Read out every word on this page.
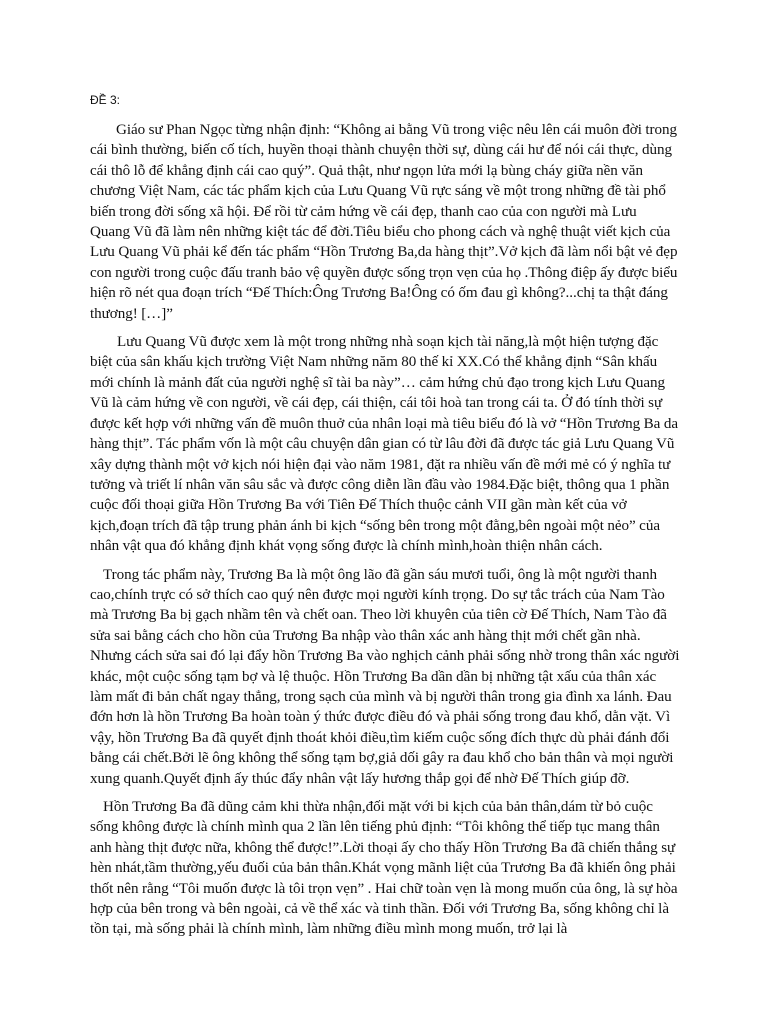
ĐỀ 3:

Giáo sư Phan Ngọc từng nhận định: “Không ai bằng Vũ trong việc nêu lên cái muôn đời trong cái bình thường, biến cố tích, huyền thoại thành chuyện thời sự, dùng cái hư để nói cái thực, dùng cái thô lỗ để khẳng định cái cao quý”. Quả thật, như ngọn lửa mới lạ bùng cháy giữa nền văn chương Việt Nam, các tác phẩm kịch của Lưu Quang Vũ rực sáng về một trong những đề tài phổ biến trong đời sống xã hội. Để rồi từ cảm hứng về cái đẹp, thanh cao của con người mà Lưu Quang Vũ đã làm nên những kiệt tác để đời.Tiêu biểu cho phong cách và nghệ thuật viết kịch của Lưu Quang Vũ phải kể đến tác phẩm “Hồn Trương Ba,da hàng thịt”.Vở kịch đã làm nổi bật vẻ đẹp con người trong cuộc đấu tranh bảo vệ quyền được sống trọn vẹn của họ .Thông điệp ấy được biểu hiện rõ nét qua đoạn trích “Đế Thích:Ông Trương Ba!Ông có ốm đau gì không?...chị ta thật đáng thương! […]”

Lưu Quang Vũ được xem là một trong những nhà soạn kịch tài năng,là một hiện tượng đặc biệt của sân khấu kịch trường Việt Nam những năm 80 thế kỉ XX.Có thể khẳng định “Sân khấu mới chính là mảnh đất của người nghệ sĩ tài ba này”… cảm hứng chủ đạo trong kịch Lưu Quang Vũ là cảm hứng về con người, về cái đẹp, cái thiện, cái tôi hoà tan trong cái ta. Ở đó tính thời sự được kết hợp với những vấn đề muôn thuở của nhân loại mà tiêu biểu đó là vở “Hồn Trương Ba da hàng thịt”. Tác phẩm vốn là một câu chuyện dân gian có từ lâu đời đã được tác giả Lưu Quang Vũ xây dựng thành một vở kịch nói hiện đại vào năm 1981, đặt ra nhiều vấn đề mới mẻ có ý nghĩa tư tưởng và triết lí nhân văn sâu sắc và được công diễn lần đầu vào 1984.Đặc biệt, thông qua 1 phần cuộc đối thoại giữa Hồn Trương Ba với Tiên Đế Thích thuộc cảnh VII gần màn kết của vở kịch,đoạn trích đã tập trung phản ánh bi kịch “sống bên trong một đằng,bên ngoài một nẻo” của nhân vật qua đó khẳng định khát vọng sống được là chính mình,hoàn thiện nhân cách.

Trong tác phẩm này, Trương Ba là một ông lão đã gần sáu mươi tuổi, ông là một người thanh cao,chính trực có sở thích cao quý nên được mọi người kính trọng. Do sự tắc trách của Nam Tào mà Trương Ba bị gạch nhầm tên và chết oan. Theo lời khuyên của tiên cờ Đế Thích, Nam Tào đã sửa sai bằng cách cho hồn của Trương Ba nhập vào thân xác anh hàng thịt mới chết gần nhà. Nhưng cách sửa sai đó lại đẩy hồn Trương Ba vào nghịch cảnh phải sống nhờ trong thân xác người khác, một cuộc sống tạm bợ và lệ thuộc. Hồn Trương Ba dần dần bị những tật xấu của thân xác làm mất đi bản chất ngay thẳng, trong sạch của mình và bị người thân trong gia đình xa lánh. Đau đớn hơn là hồn Trương Ba hoàn toàn ý thức được điều đó và phải sống trong đau khổ, dằn vặt. Vì vậy, hồn Trương Ba đã quyết định thoát khỏi điều,tìm kiếm cuộc sống đích thực dù phải đánh đổi bằng cái chết.Bởi lẽ ông không thể sống tạm bợ,giả dối gây ra đau khổ cho bản thân và mọi người xung quanh.Quyết định ấy thúc đẩy nhân vật lấy hương thắp gọi để nhờ Đế Thích giúp đỡ.

Hồn Trương Ba đã dũng cảm khi thừa nhận,đối mặt với bi kịch của bản thân,dám từ bỏ cuộc sống không được là chính mình qua 2 lần lên tiếng phủ định: “Tôi không thể tiếp tục mang thân anh hàng thịt được nữa, không thể được!”.Lời thoại ấy cho thấy Hồn Trương Ba đã chiến thắng sự hèn nhát,tầm thường,yếu đuối của bản thân.Khát vọng mãnh liệt của Trương Ba đã khiến ông phải thốt nên rằng “Tôi muốn được là tôi trọn vẹn” . Hai chữ toàn vẹn là mong muốn của ông, là sự hòa hợp của bên trong và bên ngoài, cả về thể xác và tinh thần. Đối với Trương Ba, sống không chỉ là tồn tại, mà sống phải là chính mình, làm những điều mình mong muốn, trở lại là
